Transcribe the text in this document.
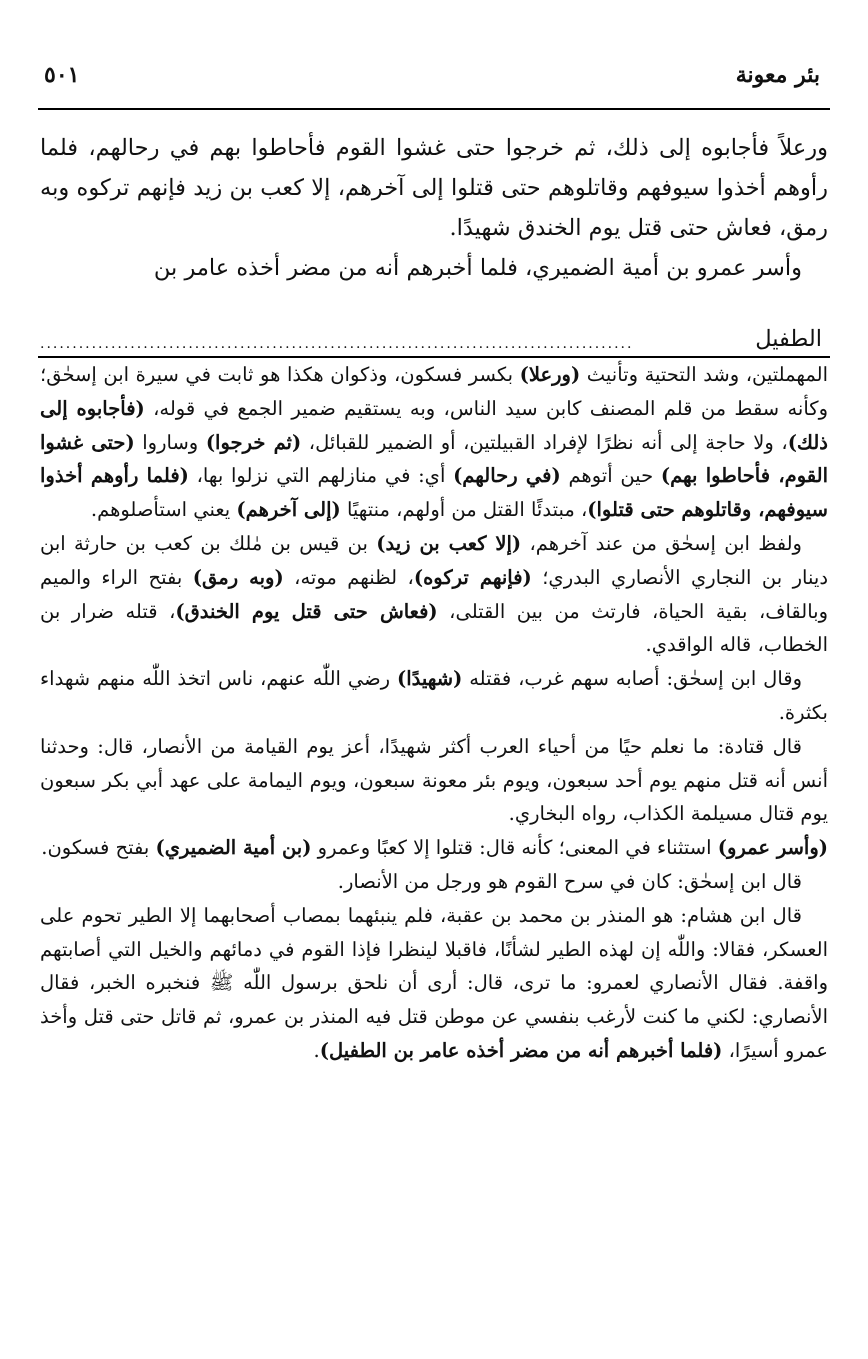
بئر معونة
٥٠١

ورعلاً فأجابوه إلى ذلك، ثم خرجوا حتى غشوا القوم فأحاطوا بهم في رحالهم، فلما رأوهم أخذوا سيوفهم وقاتلوهم حتى قتلوا إلى آخرهم، إلا كعب بن زيد فإنهم تركوه وبه رمق، فعاش حتى قتل يوم الخندق شهيدًا.

وأسر عمرو بن أمية الضميري، فلما أخبرهم أنه من مضر أخذه عامر بن

الطفيل
............................................................................................

المهملتين، وشد التحتية وتأنيث (ورعلا) بكسر فسكون، وذكوان هكذا هو ثابت في سيرة ابن إسحٰق؛ وكأنه سقط من قلم المصنف كابن سيد الناس، وبه يستقيم ضمير الجمع في قوله، (فأجابوه إلى ذلك)، ولا حاجة إلى أنه نظرًا لإفراد القبيلتين، أو الضمير للقبائل، (ثم خرجوا) وساروا (حتى غشوا القوم، فأحاطوا بهم) حين أتوهم (في رحالهم) أي: في منازلهم التي نزلوا بها، (فلما رأوهم أخذوا سيوفهم، وقاتلوهم حتى قتلوا)، مبتدئًا القتل من أولهم، منتهيًا (إلى آخرهم) يعني استأصلوهم.

ولفظ ابن إسحٰق من عند آخرهم، (إلا كعب بن زيد) بن قيس بن مٰلك بن كعب بن حارثة ابن دينار بن النجاري الأنصاري البدري؛ (فإنهم تركوه)، لظنهم موته، (وبه رمق) بفتح الراء والميم وبالقاف، بقية الحياة، فارتث من بين القتلى، (فعاش حتى قتل يوم الخندق)، قتله ضرار بن الخطاب، قاله الواقدي.

وقال ابن إسحٰق: أصابه سهم غرب، فقتله (شهيدًا) رضي اللّٰه عنهم، ناس اتخذ اللّٰه منهم شهداء بكثرة.

قال قتادة: ما نعلم حيًا من أحياء العرب أكثر شهيدًا، أعز يوم القيامة من الأنصار، قال: وحدثنا أنس أنه قتل منهم يوم أحد سبعون، ويوم بئر معونة سبعون، ويوم اليمامة على عهد أبي بكر سبعون يوم قتال مسيلمة الكذاب، رواه البخاري.

(وأسر عمرو) استثناء في المعنى؛ كأنه قال: قتلوا إلا كعبًا وعمرو (بن أمية الضميري) بفتح فسكون.

قال ابن إسحٰق: كان في سرح القوم هو ورجل من الأنصار.

قال ابن هشام: هو المنذر بن محمد بن عقبة، فلم ينبئهما بمصاب أصحابهما إلا الطير تحوم على العسكر، فقالا: واللّٰه إن لهذه الطير لشأنًا، فاقبلا لينظرا فإذا القوم في دمائهم والخيل التي أصابتهم واقفة. فقال الأنصاري لعمرو: ما ترى، قال: أرى أن نلحق برسول اللّٰه ﷺ فنخبره الخبر، فقال الأنصاري: لكني ما كنت لأرغب بنفسي عن موطن قتل فيه المنذر بن عمرو، ثم قاتل حتى قتل وأخذ عمرو أسيرًا، (فلما أخبرهم أنه من مضر أخذه عامر بن الطفيل).
